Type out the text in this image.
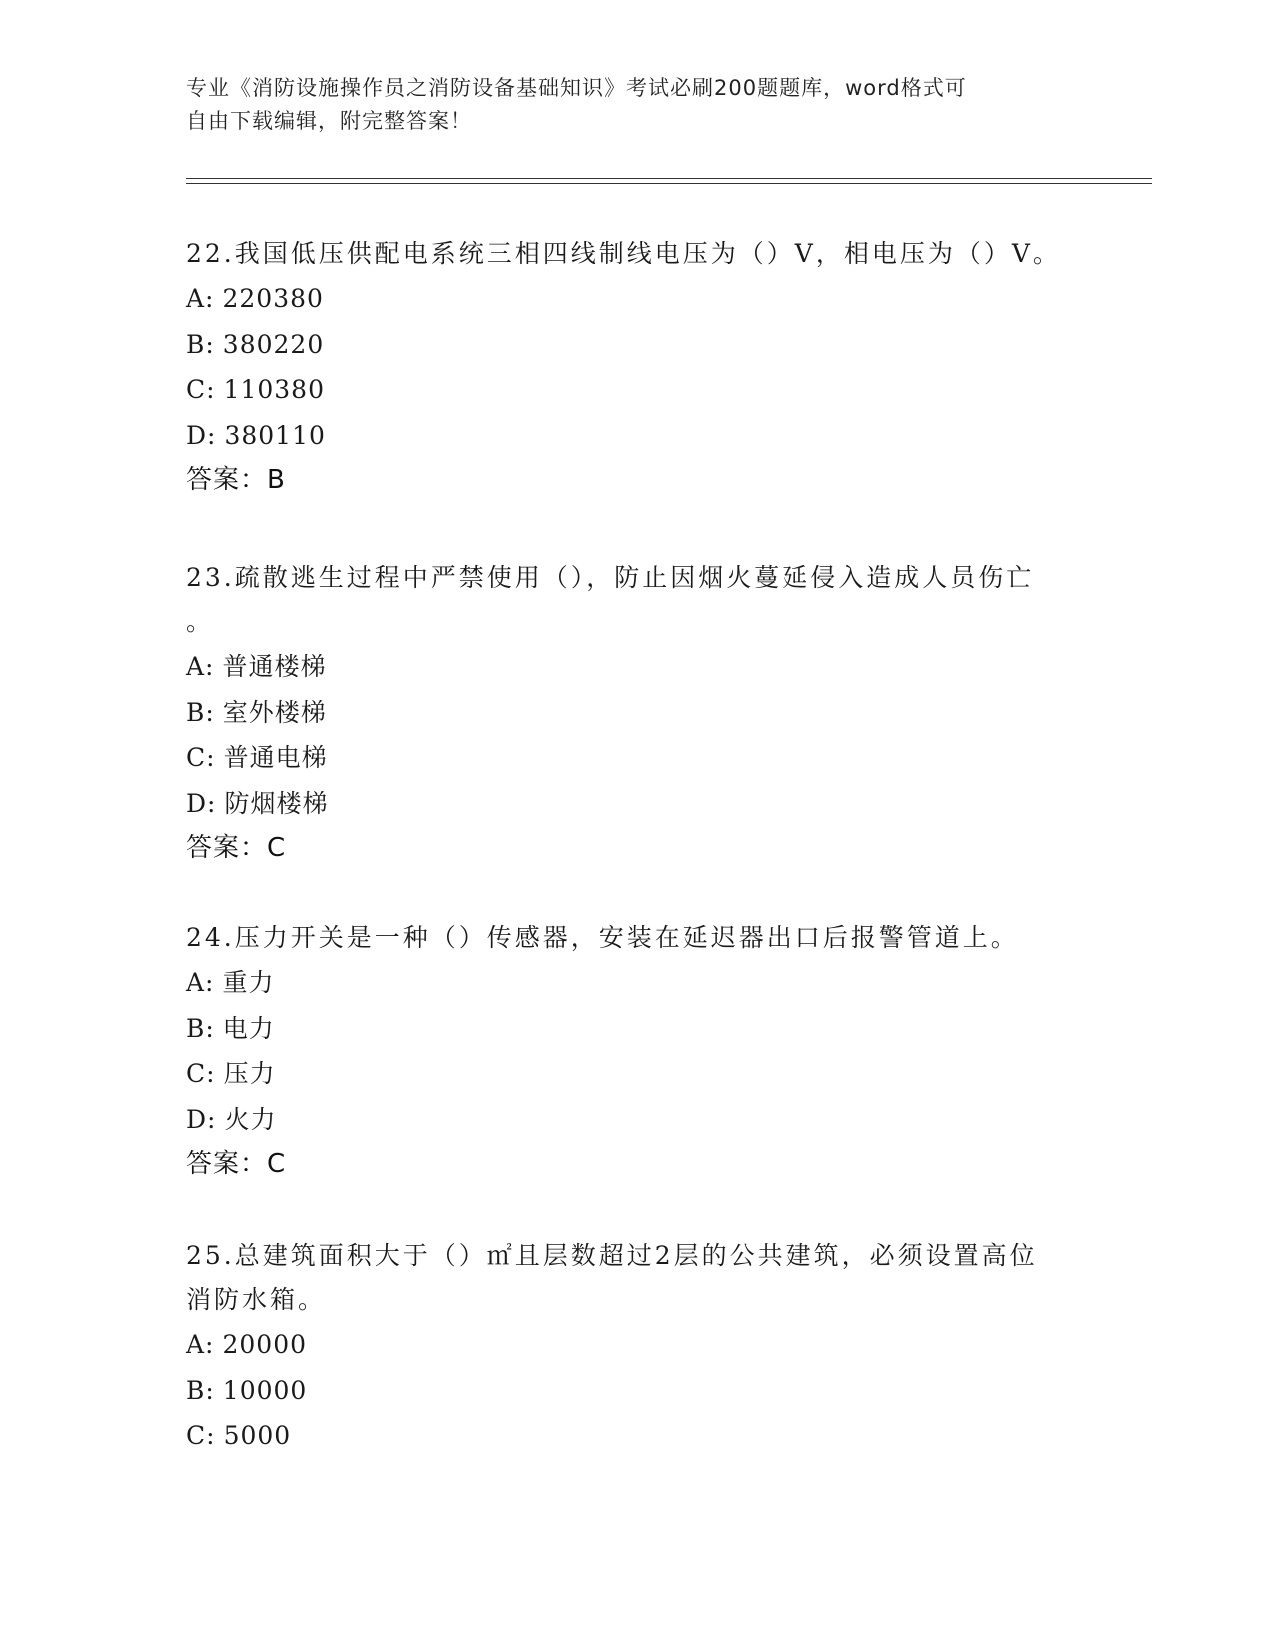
专业《消防设施操作员之消防设备基础知识》考试必刷200题题库，word格式可
自由下载编辑，附完整答案！
22.我国低压供配电系统三相四线制线电压为（）V，相电压为（）V。
A: 220380
B: 380220
C: 110380
D: 380110
答案：B
23.疏散逃生过程中严禁使用（），防止因烟火蔓延侵入造成人员伤亡
。
A: 普通楼梯
B: 室外楼梯
C: 普通电梯
D: 防烟楼梯
答案：C
24.压力开关是一种（）传感器，安装在延迟器出口后报警管道上。
A: 重力
B: 电力
C: 压力
D: 火力
答案：C
25.总建筑面积大于（）㎡且层数超过2层的公共建筑，必须设置高位
消防水箱。
A: 20000
B: 10000
C: 5000
